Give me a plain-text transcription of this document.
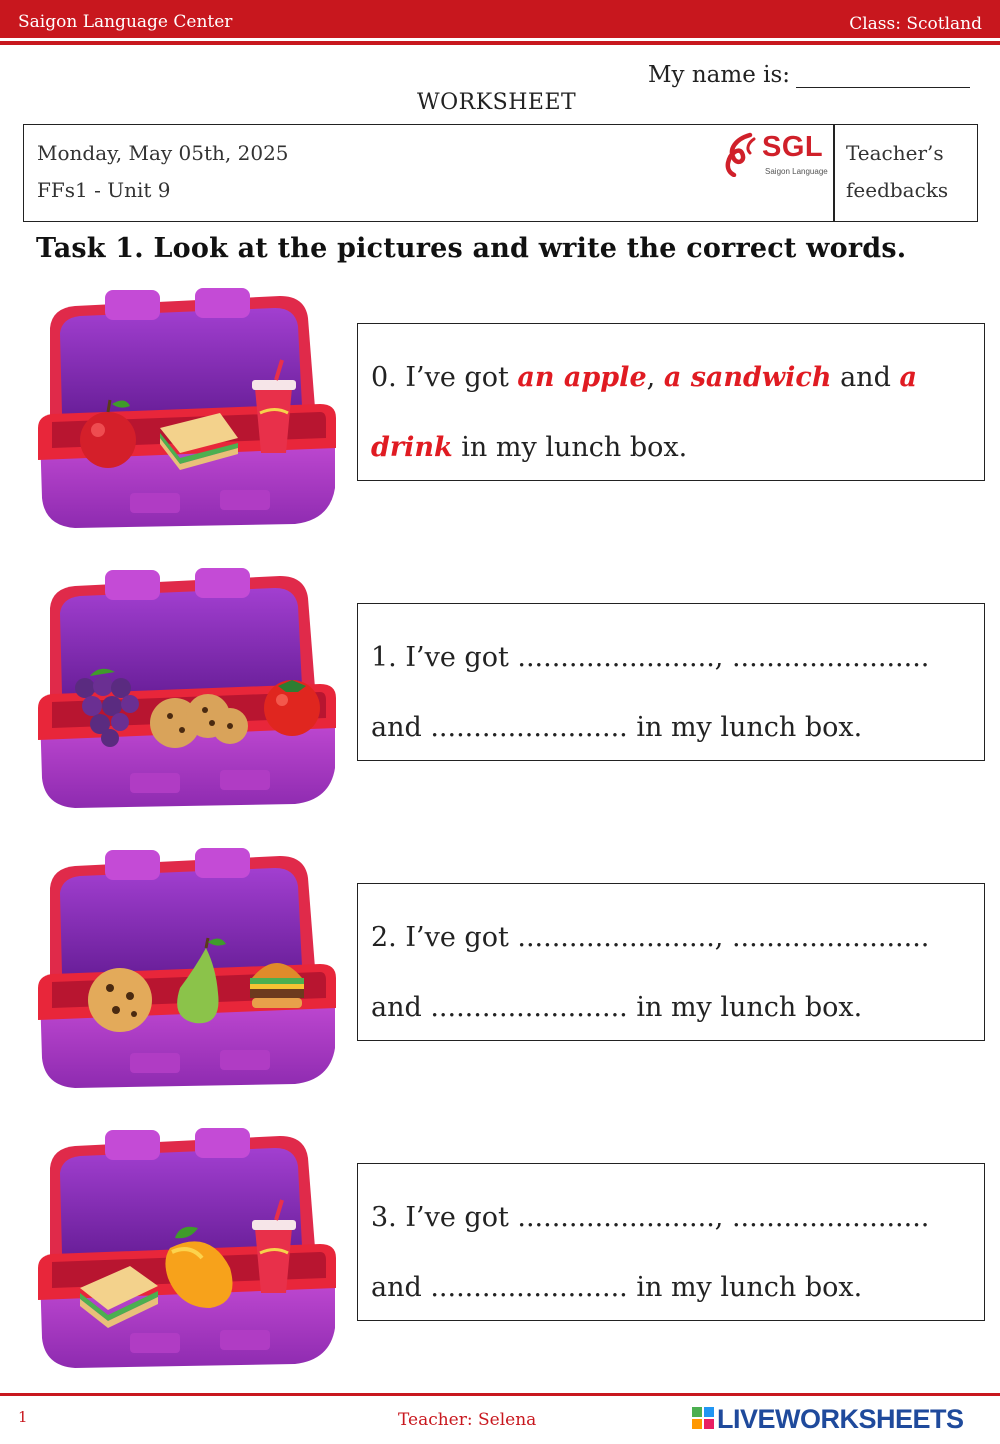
Saigon Language Center	Class: Scotland
My name is:
WORKSHEET
Monday, May 05th, 2025
FFs1 - Unit 9
SGL
Saigon Language
Teacher’s
feedbacks
Task 1. Look at the pictures and write the correct words.
0. I’ve got an apple, a sandwich and a
drink in my lunch box.
1. I’ve got ......................., .......................
and ....................... in my lunch box.
2. I’ve got ......................., .......................
and ....................... in my lunch box.
3. I’ve got ......................., .......................
and ....................... in my lunch box.
1	Teacher: Selena	LIVEWORKSHEETS
